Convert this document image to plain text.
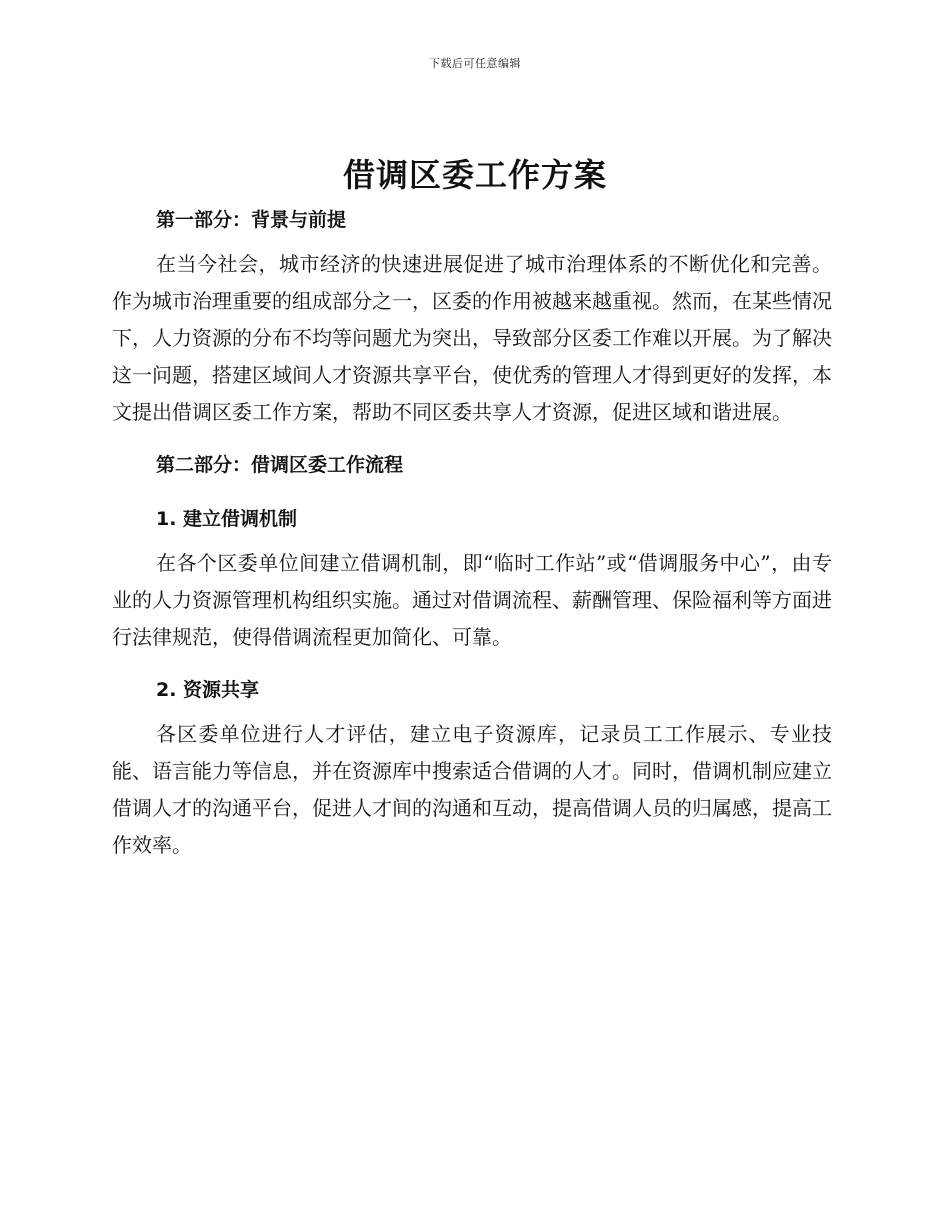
下载后可任意编辑
借调区委工作方案
第一部分：背景与前提

在当今社会，城市经济的快速进展促进了城市治理体系的不断优化和完善。作为城市治理重要的组成部分之一，区委的作用被越来越重视。然而，在某些情况下，人力资源的分布不均等问题尤为突出，导致部分区委工作难以开展。为了解决这一问题，搭建区域间人才资源共享平台，使优秀的管理人才得到更好的发挥，本文提出借调区委工作方案，帮助不同区委共享人才资源，促进区域和谐进展。

第二部分：借调区委工作流程
1. 建立借调机制

在各个区委单位间建立借调机制，即“临时工作站”或“借调服务中心”，由专业的人力资源管理机构组织实施。通过对借调流程、薪酬管理、保险福利等方面进行法律规范，使得借调流程更加简化、可靠。

2. 资源共享

各区委单位进行人才评估，建立电子资源库，记录员工工作展示、专业技能、语言能力等信息，并在资源库中搜索适合借调的人才。同时，借调机制应建立借调人才的沟通平台，促进人才间的沟通和互动，提高借调人员的归属感，提高工作效率。
